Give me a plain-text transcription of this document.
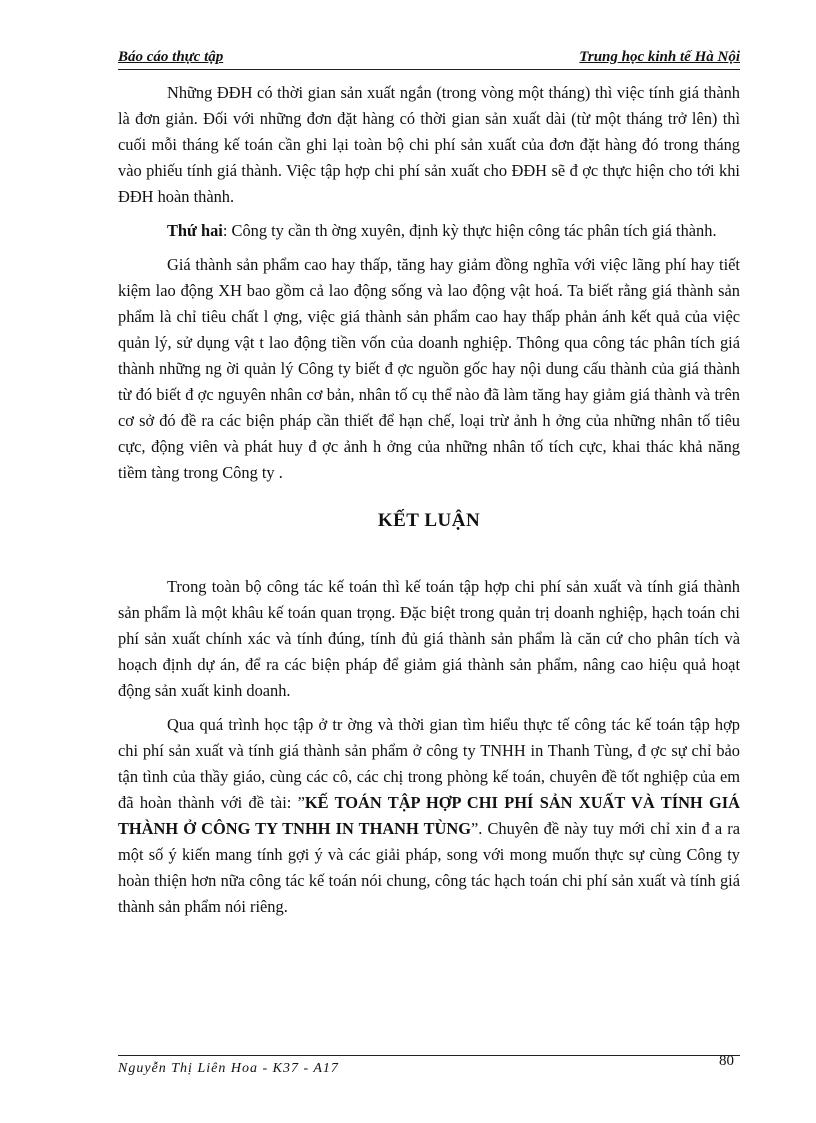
Báo cáo thực tập	Trung học kinh tế Hà Nội

Những ĐĐH có thời gian sản xuất ngắn (trong vòng một tháng) thì việc tính giá thành là đơn giản. Đối với những đơn đặt hàng có thời gian sản xuất dài (từ một tháng trở lên) thì cuối mỗi tháng kế toán cần ghi lại toàn bộ chi phí sản xuất của đơn đặt hàng đó trong tháng vào phiếu tính giá thành. Việc tập hợp chi phí sản xuất cho ĐĐH sẽ đ ợc thực hiện cho tới khi ĐĐH hoàn thành.

Thứ hai: Công ty cần th ờng xuyên, định kỳ thực hiện công tác phân tích giá thành.

Giá thành sản phẩm cao hay thấp, tăng hay giảm đồng nghĩa với việc lãng phí hay tiết kiệm lao động XH bao gồm cả lao động sống và lao động vật hoá. Ta biết rằng giá thành sản phẩm là chỉ tiêu chất l ợng, việc giá thành sản phẩm cao hay thấp phản ánh kết quả của việc quản lý, sử dụng vật t lao động tiền vốn của doanh nghiệp. Thông qua công tác phân tích giá thành những ng ời quản lý Công ty biết đ ợc nguồn gốc hay nội dung cấu thành của giá thành từ đó biết đ ợc nguyên nhân cơ bản, nhân tố cụ thể nào đã làm tăng hay giảm giá thành và trên cơ sở đó đề ra các biện pháp cần thiết để hạn chế, loại trừ ảnh h ởng của những nhân tố tiêu cực, động viên và phát huy đ ợc ảnh h ởng của những nhân tố tích cực, khai thác khả năng tiềm tàng trong Công ty .

KẾT LUẬN

Trong toàn bộ công tác kế toán thì kế toán tập hợp chi phí sản xuất và tính giá thành sản phẩm là một khâu kế toán quan trọng. Đặc biệt trong quản trị doanh nghiệp, hạch toán chi phí sản xuất chính xác và tính đúng, tính đủ giá thành sản phẩm là căn cứ cho phân tích và hoạch định dự án, để ra các biện pháp để giảm giá thành sản phẩm, nâng cao hiệu quả hoạt động sản xuất kinh doanh.

Qua quá trình học tập ở tr ờng và thời gian tìm hiểu thực tế công tác kế toán tập hợp chi phí sản xuất và tính giá thành sản phẩm ở công ty TNHH in Thanh Tùng, đ ợc sự chỉ bảo tận tình của thầy giáo, cùng các cô, các chị trong phòng kế toán, chuyên đề tốt nghiệp của em đã hoàn thành với đề tài: ”KẾ TOÁN TẬP HỢP CHI PHÍ SẢN XUẤT VÀ TÍNH GIÁ THÀNH Ở CÔNG TY TNHH IN THANH TÙNG”. Chuyên đề này tuy mới chỉ xin đ a ra một số ý kiến mang tính gợi ý và các giải pháp, song với mong muốn thực sự cùng Công ty hoàn thiện hơn nữa công tác kế toán nói chung, công tác hạch toán chi phí sản xuất và tính giá thành sản phẩm nói riêng.

Nguyễn Thị Liên Hoa - K37 - A17	80
